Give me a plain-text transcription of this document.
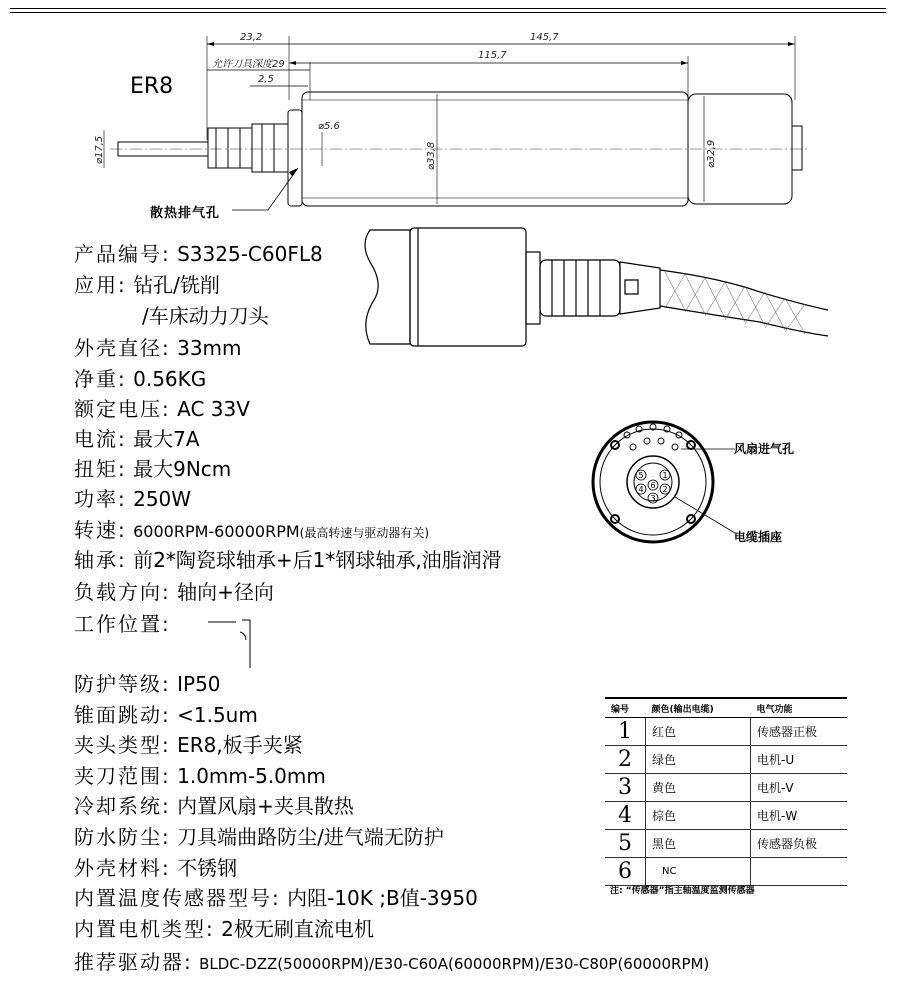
23,2	145,7
115,7
允许刀具深度29
2,5
⌀5.6
⌀17,5	⌀33,8	⌀32,9
ER8
散热排气孔
1
2
3
4
5
6
风扇进气孔
电缆插座
产品编号: S3325-C60FL8
应用: 钻孔/铣削
/车床动力刀头
外壳直径: 33mm
净重: 0.56KG
额定电压: AC 33V
电流: 最大7A
扭矩: 最大9Ncm
功率: 250W
转速: 6000RPM-60000RPM(最高转速与驱动器有关)
轴承: 前2*陶瓷球轴承+后1*钢球轴承,油脂润滑
负载方向: 轴向+径向
工作位置:
防护等级: IP50
锥面跳动: <1.5um
夹头类型: ER8,板手夹紧
夹刀范围: 1.0mm-5.0mm
冷却系统: 内置风扇+夹具散热
防水防尘: 刀具端曲路防尘/进气端无防护
外壳材料: 不锈钢
内置温度传感器型号: 内阻-10K ;B值-3950
内置电机类型: 2极无刷直流电机
推荐驱动器: BLDC-DZZ(50000RPM)/E30-C60A(60000RPM)/E30-C80P(60000RPM)
编号	颜色(输出电缆)	电气功能
1	红色	传感器正极
2	绿色	电机-U
3	黄色	电机-V
4	棕色	电机-W
5	黑色	传感器负极
6	NC	
注: “传感器”指主轴温度监测传感器
